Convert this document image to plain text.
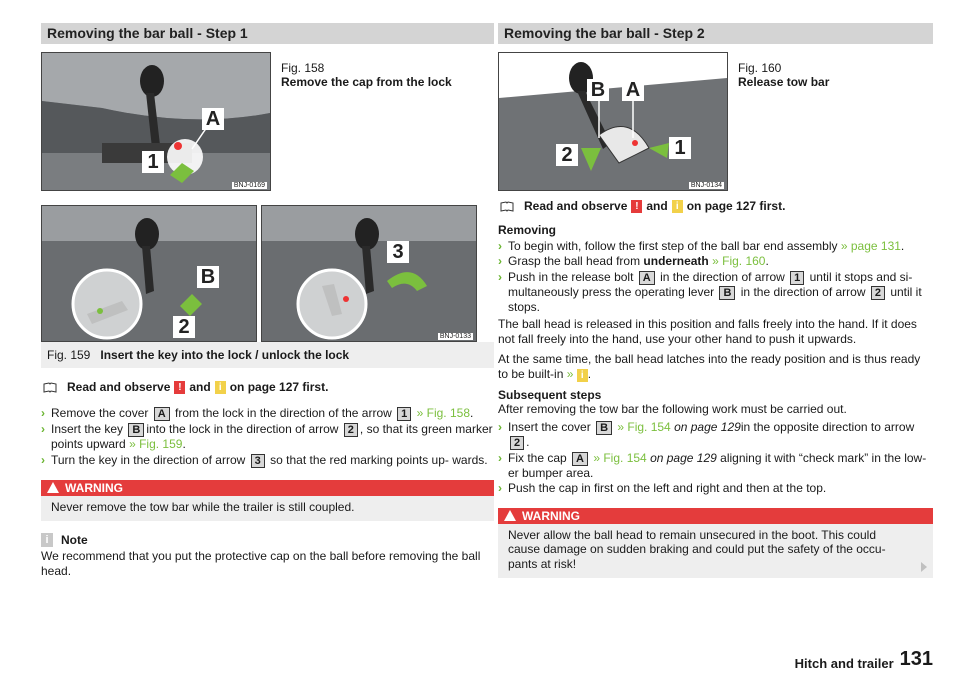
Removing the bar ball - Step 1
A
1
BNJ-0169
Fig. 158
Remove the cap from the lock
B
2
3
BNJ-0133
Fig. 159 Insert the key into the lock / unlock the lock
Read and observe ! and i on page 127 first.
› Remove the cover A from the lock in the direction of the arrow 1 » Fig. 158.
› Insert the key B into the lock in the direction of arrow 2 , so that its green marker points upward » Fig. 159.
› Turn the key in the direction of arrow 3 so that the red marking points up- wards.
WARNING
Never remove the tow bar while the trailer is still coupled.
i	Note
We recommend that you put the protective cap on the ball before removing the ball head.
Removing the bar ball - Step 2
B A
2	1
BNJ-0134
Fig. 160
Release tow bar
Read and observe ! and i on page 127 first.
Removing
› To begin with, follow the first step of the ball bar end assembly » page 131.
› Grasp the ball head from underneath » Fig. 160.
› Push in the release bolt A in the direction of arrow 1 until it stops and si- multaneously press the operating lever B in the direction of arrow 2 until it stops.
The ball head is released in this position and falls freely into the hand. If it does not fall freely into the hand, use your other hand to push it upwards.
At the same time, the ball head latches into the ready position and is thus ready to be built-in » i .
Subsequent steps
After removing the tow bar the following work must be carried out.
› Insert the cover B » Fig. 154 on page 129in the opposite direction to arrow 2 .
› Fix the cap A » Fig. 154 on page 129 aligning it with “check mark” in the low- er bumper area.
› Push the cap in first on the left and right and then at the top.
WARNING
Never allow the ball head to remain unsecured in the boot. This could cause damage on sudden braking and could put the safety of the occu- pants at risk!
Hitch and trailer 131
